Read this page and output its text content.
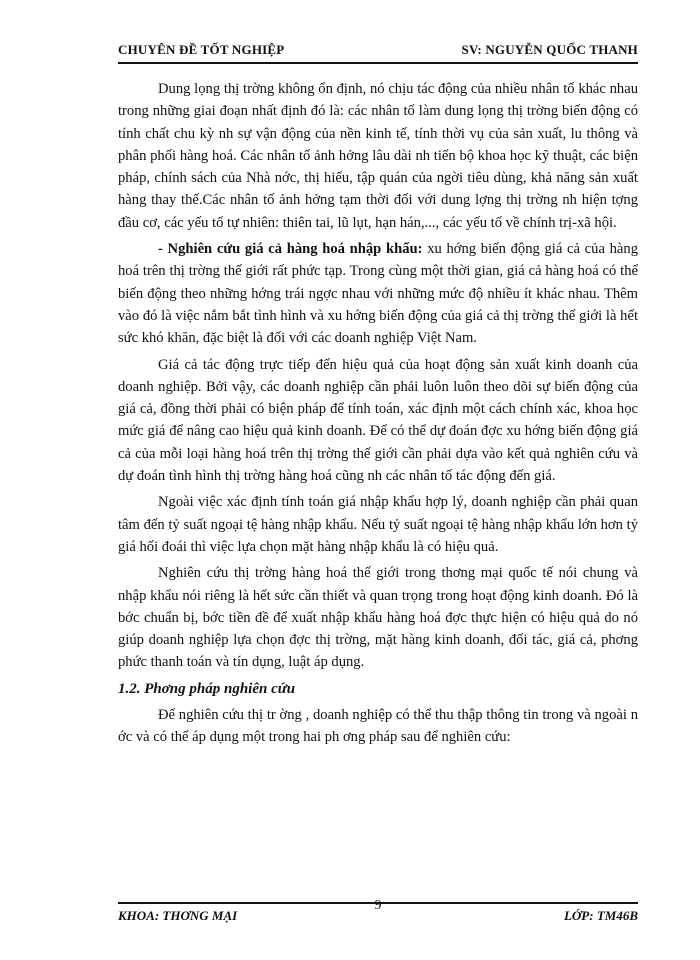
CHUYÊN ĐỀ TỐT NGHIỆP	SV: NGUYỄN QUỐC THANH

Dung lọng thị trờng không ổn định, nó chịu tác động của nhiều nhân tố khác nhau trong những giai đoạn nhất định đó là: các nhân tố làm dung lọng thị trờng biến động có tính chất chu kỳ nh sự vận động của nền kinh tế, tính thời vụ của sản xuất, lu thông và phân phối hàng hoá. Các nhân tố ảnh hởng lâu dài nh tiến bộ khoa học kỹ thuật, các biện pháp, chính sách của Nhà nớc, thị hiếu, tập quán của ngời tiêu dùng, khả năng sản xuất hàng thay thế.Các nhân tố ảnh hởng tạm thời đối với dung lợng thị trờng nh hiện tợng đầu cơ, các yếu tố tự nhiên: thiên tai, lũ lụt, hạn hán,..., các yếu tố về chính trị-xã hội.

- Nghiên cứu giá cả hàng hoá nhập khẩu: xu hớng biến động giá cả của hàng hoá trên thị trờng thế giới rất phức tạp. Trong cùng một thời gian, giá cả hàng hoá có thể biến động theo những hớng trái ngợc nhau với những mức độ nhiều ít khác nhau. Thêm vào đó là việc nắm bắt tình hình và xu hớng biến động của giá cả thị trờng thế giới là hết sức khó khăn, đặc biệt là đối với các doanh nghiệp Việt Nam.

Giá cả tác động trực tiếp đến hiệu quả của hoạt động sản xuất kinh doanh của doanh nghiệp. Bởi vậy, các doanh nghiệp cần phải luôn luôn theo dõi sự biến động của giá cả, đồng thời phải có biện pháp để tính toán, xác định một cách chính xác, khoa học mức giá để nâng cao hiệu quả kinh doanh. Để có thể dự đoán đợc xu hớng biến động giá cả của mỗi loại hàng hoá trên thị trờng thế giới cần phải dựa vào kết quả nghiên cứu và dự đoán tình hình thị trờng hàng hoá cũng nh các nhân tố tác động đến giá.

Ngoài việc xác định tính toán giá nhập khẩu hợp lý, doanh nghiệp cần phải quan tâm đến tỷ suất ngoại tệ hàng nhập khẩu. Nếu tỷ suất ngoại tệ hàng nhập khẩu lớn hơn tỷ giá hối đoái thì việc lựa chọn mặt hàng nhập khẩu là có hiệu quả.

Nghiên cứu thị trờng hàng hoá thế giới trong thơng mại quốc tế nói chung và nhập khẩu nói riêng là hết sức cần thiết và quan trọng trong hoạt động kinh doanh. Đó là bớc chuẩn bị, bớc tiền đề để xuất nhập khẩu hàng hoá đợc thực hiện có hiệu quả do nó giúp doanh nghiệp lựa chọn đợc thị trờng, mặt hàng kinh doanh, đối tác, giá cả, phơng phức thanh toán và tín dụng, luật áp dụng.

1.2. Phơng pháp nghiên cứu

Để nghiên cứu thị tr ờng , doanh nghiệp có thể thu thập thông tin trong và ngoài n ớc và có thể áp dụng một trong hai ph ơng pháp sau để nghiên cứu:

KHOA: THƠNG MẠI
9
LỚP: TM46B
